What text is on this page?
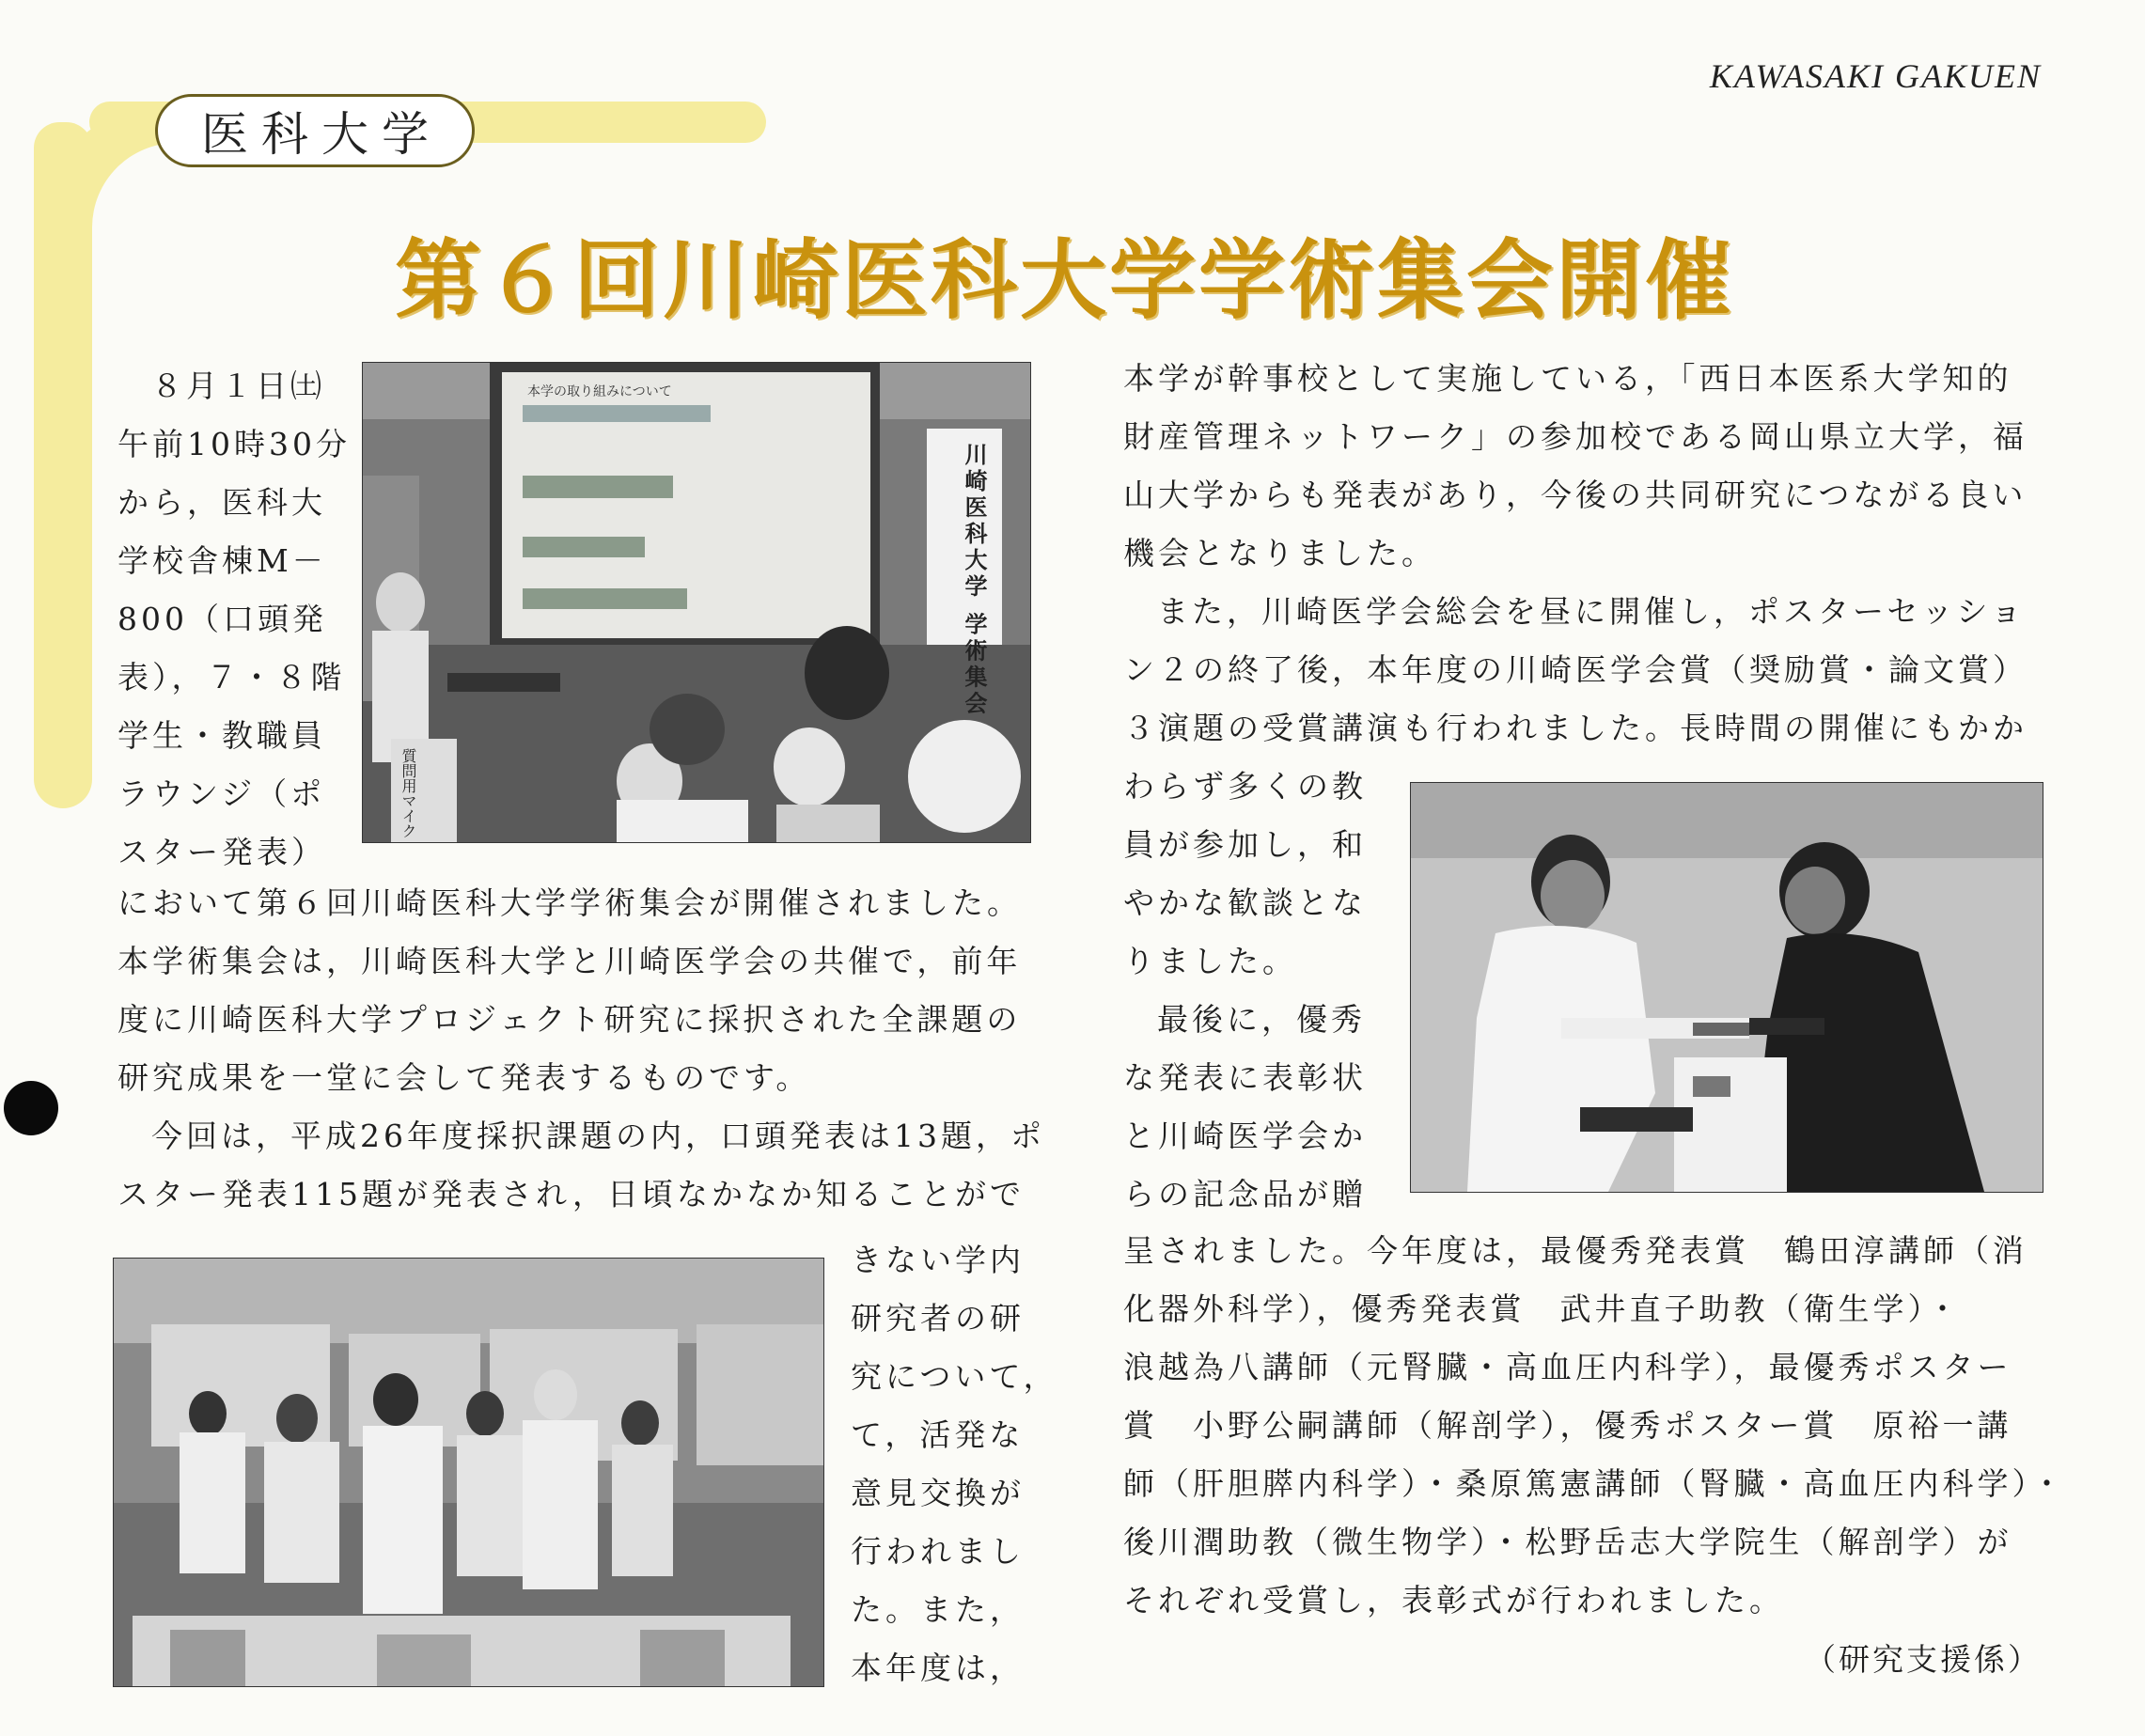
医科大学
KAWASAKI GAKUEN
第６回川崎医科大学学術集会開催
８月１日㈯
午前10時30分
から，医科大
学校舎棟M－
800（口頭発
表），７・８階
学生・教職員
ラウンジ（ポ
スター発表）
川崎医科大学 学術集会
本学の取り組みについて
質問用マイク
において第６回川崎医科大学学術集会が開催されました。
本学術集会は，川崎医科大学と川崎医学会の共催で，前年
度に川崎医科大学プロジェクト研究に採択された全課題の
研究成果を一堂に会して発表するものです。
今回は，平成26年度採択課題の内，口頭発表は13題，ポ
スター発表115題が発表され，日頃なかなか知ることがで
きない学内
研究者の研
究について，
て，活発な
意見交換が
行われまし
た。また，
本年度は，
本学が幹事校として実施している，「西日本医系大学知的
財産管理ネットワーク」の参加校である岡山県立大学，福
山大学からも発表があり，今後の共同研究につながる良い
機会となりました。
また，川崎医学会総会を昼に開催し，ポスターセッショ
ン２の終了後，本年度の川崎医学会賞（奨励賞・論文賞）
３演題の受賞講演も行われました。長時間の開催にもかか
わらず多くの教
員が参加し，和
やかな歓談とな
りました。
最後に，優秀
な発表に表彰状
と川崎医学会か
らの記念品が贈
呈されました。今年度は，最優秀発表賞　鶴田淳講師（消
化器外科学），優秀発表賞　武井直子助教（衛生学）・
浪越為八講師（元腎臓・高血圧内科学），最優秀ポスター
賞　小野公嗣講師（解剖学），優秀ポスター賞　原裕一講
師（肝胆膵内科学）・桑原篤憲講師（腎臓・高血圧内科学）・
後川潤助教（微生物学）・松野岳志大学院生（解剖学）が
それぞれ受賞し，表彰式が行われました。
（研究支援係）
